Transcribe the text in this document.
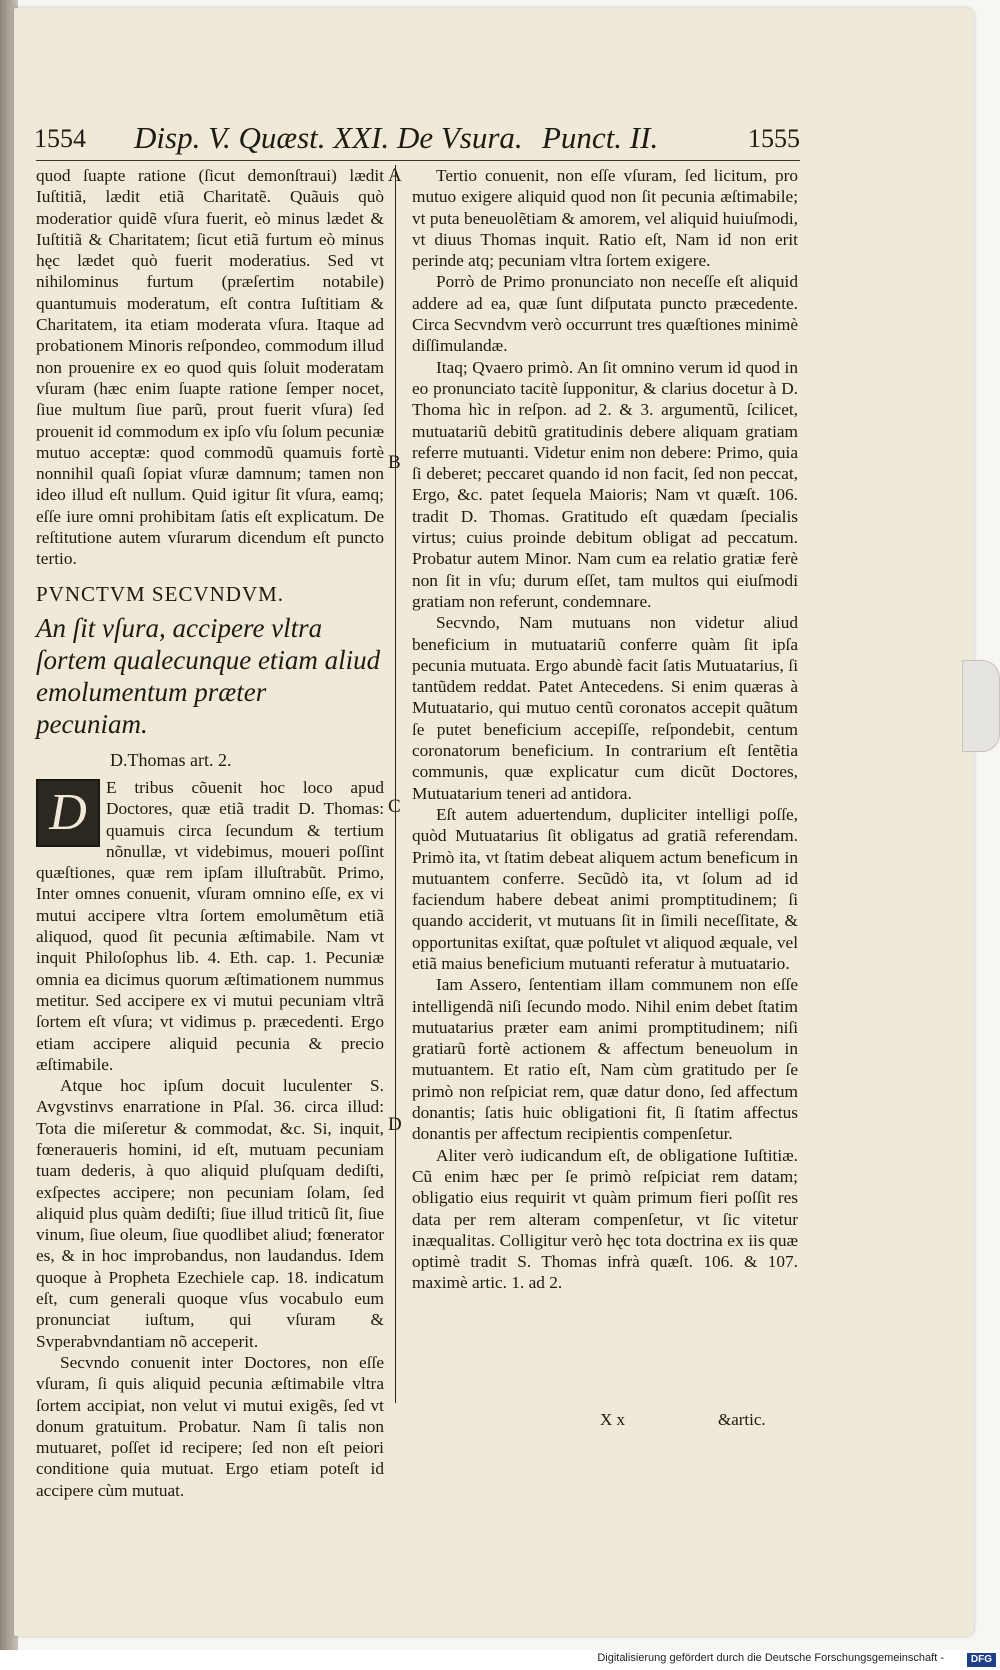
1554 Disp. V. Quæst. XXI. De Vsura. Punct. II.	1555
A
B
C
D

quod ſuapte ratione (ſicut demonſtraui) lædit Iuſtitiã, lædit etiã Charitatẽ. Quãuis quò moderatior quidẽ vſura fuerit, eò minus lædet & Iuſtitiã & Charitatem; ſicut etiã furtum eò minus hęc lædet quò fuerit moderatius. Sed vt nihilominus furtum (præſertim notabile) quantumuis moderatum, eſt contra Iuſtitiam & Charitatem, ita etiam moderata vſura. Itaque ad probationem Minoris reſpondeo, commodum illud non prouenire ex eo quod quis ſoluit moderatam vſuram (hæc enim ſuapte ratione ſemper nocet, ſiue multum ſiue parũ, prout fuerit vſura) ſed prouenit id commodum ex ipſo vſu ſolum pecuniæ mutuo acceptæ: quod commodũ quamuis fortè nonnihil quaſi ſopiat vſuræ damnum; tamen non ideo illud eſt nullum. Quid igitur ſit vſura, eamq; eſſe iure omni prohibitam ſatis eſt explicatum. De reſtitutione autem vſurarum dicendum eſt puncto tertio.

PVNCTVM SECVNDVM.

An ſit vſura, accipere vltra ſortem qualecunque etiam aliud emolumentum præter pecuniam.

D.Thomas art. 2.

D	E tribus cõuenit hoc loco apud Doctores, quæ etiã tradit D. Thomas: quamuis circa ſecundum & tertium nõnullæ, vt videbimus, moueri poſſint quæſtiones, quæ rem ipſam illuſtrabũt. Primo, Inter omnes conuenit, vſuram omnino eſſe, ex vi mutui accipere vltra ſortem emolumẽtum etiã aliquod, quod ſit pecunia æſtimabile. Nam vt inquit Philoſophus lib. 4. Eth. cap. 1. Pecuniæ omnia ea dicimus quorum æſtimationem nummus metitur. Sed accipere ex vi mutui pecuniam vltrã ſortem eſt vſura; vt vidimus p. præcedenti. Ergo etiam accipere aliquid pecunia & precio æſtimabile.

Atque hoc ipſum docuit luculenter S. Avgvstinvs enarratione in Pſal. 36. circa illud: Tota die miſeretur & commodat, &c. Si, inquit, fœneraueris homini, id eſt, mutuam pecuniam tuam dederis, à quo aliquid pluſquam dediſti, exſpectes accipere; non pecuniam ſolam, ſed aliquid plus quàm dediſti; ſiue illud triticũ ſit, ſiue vinum, ſiue oleum, ſiue quodlibet aliud; fœnerator es, & in hoc improbandus, non laudandus. Idem quoque à Propheta Ezechiele cap. 18. indicatum eſt, cum generali quoque vſus vocabulo eum pronunciat iuſtum, qui vſuram & Svperabvndantiam nõ acceperit.

Secvndo conuenit inter Doctores, non eſſe vſuram, ſi quis aliquid pecunia æſtimabile vltra ſortem accipiat, non velut vi mutui exigẽs, ſed vt donum gratuitum. Probatur. Nam ſi talis non mutuaret, poſſet id recipere; ſed non eſt peiori conditione quia mutuat. Ergo etiam poteſt id accipere cùm mutuat.

Tertio conuenit, non eſſe vſuram, ſed licitum, pro mutuo exigere aliquid quod non ſit pecunia æſtimabile; vt puta beneuolẽtiam & amorem, vel aliquid huiuſmodi, vt diuus Thomas inquit. Ratio eſt, Nam id non erit perinde atq; pecuniam vltra ſortem exigere.

Porrò de Primo pronunciato non neceſſe eſt aliquid addere ad ea, quæ ſunt diſputata puncto præcedente. Circa Secvndvm verò occurrunt tres quæſtiones minimè diſſimulandæ.

Itaq; Qvaero primò. An ſit omnino verum id quod in eo pronunciato tacitè ſupponitur, & clarius docetur à D. Thoma hìc in reſpon. ad 2. & 3. argumentũ, ſcilicet, mutuatariũ debitũ gratitudinis debere aliquam gratiam referre mutuanti. Videtur enim non debere: Primo, quia ſi deberet; peccaret quando id non facit, ſed non peccat, Ergo, &c. patet ſequela Maioris; Nam vt quæſt. 106. tradit D. Thomas. Gratitudo eſt quædam ſpecialis virtus; cuius proinde debitum obligat ad peccatum. Probatur autem Minor. Nam cum ea relatio gratiæ ferè non ſit in vſu; durum eſſet, tam multos qui eiuſmodi gratiam non referunt, condemnare.

Secvndo, Nam mutuans non videtur aliud beneficium in mutuatariũ conferre quàm ſit ipſa pecunia mutuata. Ergo abundè facit ſatis Mutuatarius, ſi tantũdem reddat. Patet Antecedens. Si enim quæras à Mutuatario, qui mutuo centũ coronatos accepit quãtum ſe putet beneficium accepiſſe, reſpondebit, centum coronatorum beneficium. In contrarium eſt ſentẽtia communis, quæ explicatur cum dicũt Doctores, Mutuatarium teneri ad antidora.

Eſt autem aduertendum, dupliciter intelligi poſſe, quòd Mutuatarius ſit obligatus ad gratiã referendam. Primò ita, vt ſtatim debeat aliquem actum beneficum in mutuantem conferre. Secũdò ita, vt ſolum ad id faciendum habere debeat animi promptitudinem; ſi quando acciderit, vt mutuans ſit in ſimili neceſſitate, & opportunitas exiſtat, quæ poſtulet vt aliquod æquale, vel etiã maius beneficium mutuanti referatur à mutuatario.

Iam Assero, ſententiam illam communem non eſſe intelligendã niſi ſecundo modo. Nihil enim debet ſtatim mutuatarius præter eam animi promptitudinem; niſi gratiarũ fortè actionem & affectum beneuolum in mutuantem. Et ratio eſt, Nam cùm gratitudo per ſe primò non reſpiciat rem, quæ datur dono, ſed affectum donantis; ſatis huic obligationi fit, ſi ſtatim affectus donantis per affectum recipientis compenſetur.

Aliter verò iudicandum eſt, de obligatione Iuſtitiæ. Cũ enim hæc per ſe primò reſpiciat rem datam; obligatio eius requirit vt quàm primum fieri poſſit res data per rem alteram compenſetur, vt ſic vitetur inæqualitas. Colligitur verò hęc tota doctrina ex iis quæ optimè tradit S. Thomas infrà quæſt. 106. & 107. maximè artic. 1. ad 2.

X x	&artic.
Digitalisierung gefördert durch die Deutsche Forschungsgemeinschaft -	DFG
